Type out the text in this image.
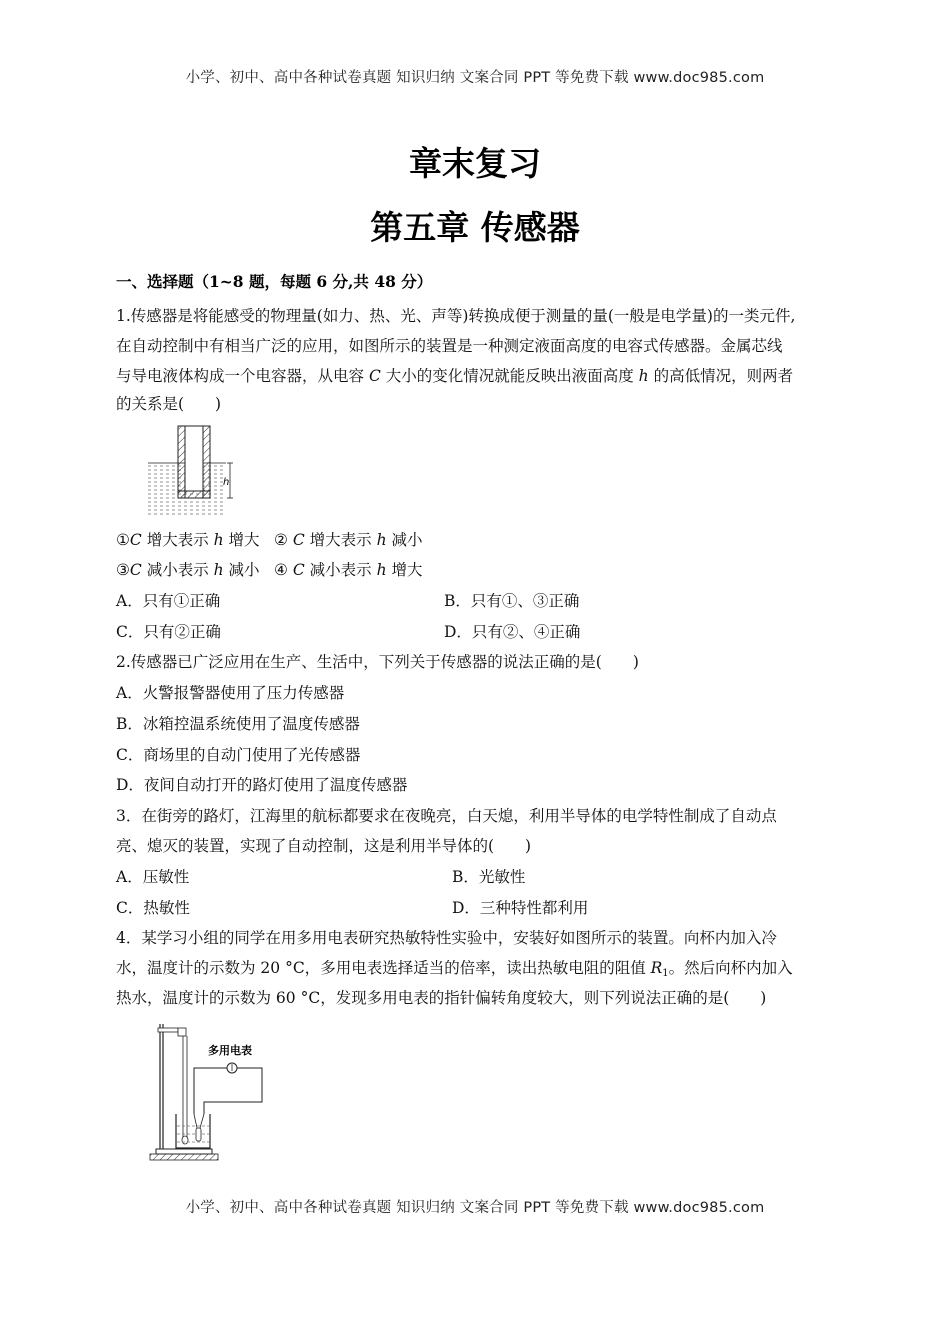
小学、初中、高中各种试卷真题 知识归纳 文案合同 PPT 等免费下载 www.doc985.com
章末复习
第五章 传感器
一、选择题（1~8 题，每题 6 分,共 48 分）
1.传感器是将能感受的物理量(如力、热、光、声等)转换成便于测量的量(一般是电学量)的一类元件,
在自动控制中有相当广泛的应用，如图所示的装置是一种测定液面高度的电容式传感器。金属芯线
与导电液体构成一个电容器，从电容 C 大小的变化情况就能反映出液面高度 h 的高低情况，则两者
的关系是(　　)
h
①C 增大表示 h 增大 ② C 增大表示 h 减小
③C 减小表示 h 减小 ④ C 减小表示 h 增大
A．只有①正确	B．只有①、③正确
C．只有②正确	D．只有②、④正确
2.传感器已广泛应用在生产、生活中，下列关于传感器的说法正确的是(　　)
A．火警报警器使用了压力传感器
B．冰箱控温系统使用了温度传感器
C．商场里的自动门使用了光传感器
D．夜间自动打开的路灯使用了温度传感器
3．在街旁的路灯，江海里的航标都要求在夜晚亮，白天熄，利用半导体的电学特性制成了自动点
亮、熄灭的装置，实现了自动控制，这是利用半导体的(　　)
A．压敏性	B．光敏性
C．热敏性	D．三种特性都利用
4．某学习小组的同学在用多用电表研究热敏特性实验中，安装好如图所示的装置。向杯内加入冷
水，温度计的示数为 20 °C，多用电表选择适当的倍率，读出热敏电阻的阻值 $R_1$。然后向杯内加入
热水，温度计的示数为 60 °C，发现多用电表的指针偏转角度较大，则下列说法正确的是(　　)
多用电表
小学、初中、高中各种试卷真题 知识归纳 文案合同 PPT 等免费下载 www.doc985.com
